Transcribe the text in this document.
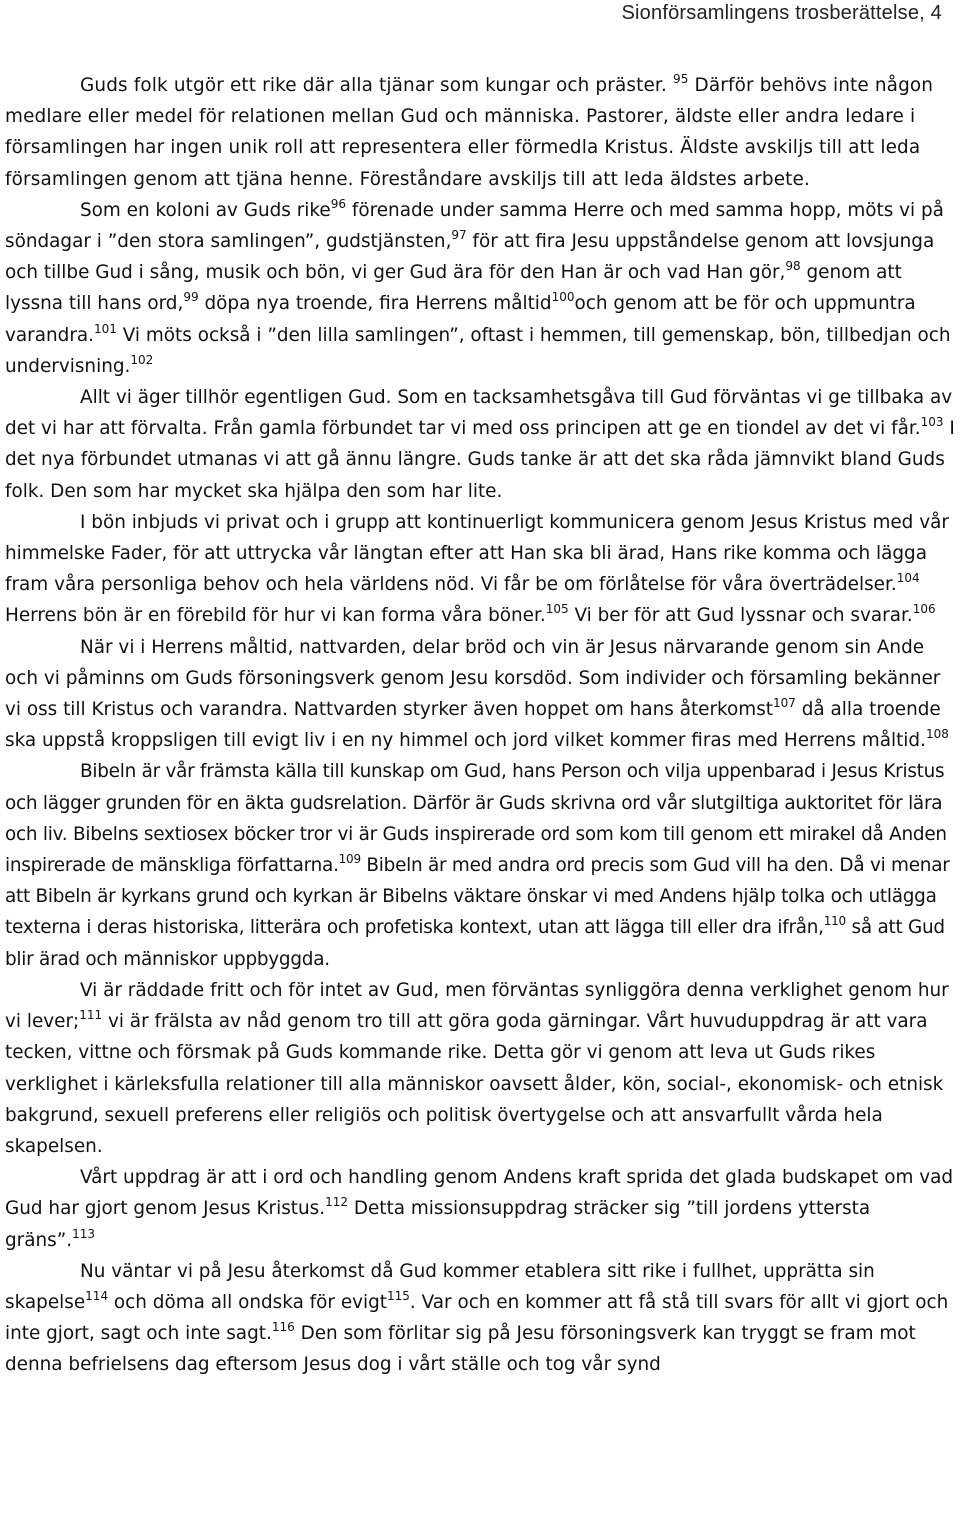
Sionförsamlingens trosberättelse, 4

Guds folk utgör ett rike där alla tjänar som kungar och präster. $^{95}$ Därför behövs inte någon medlare eller medel för relationen mellan Gud och människa. Pastorer, äldste eller andra ledare i församlingen har ingen unik roll att representera eller förmedla Kristus. Äldste avskiljs till att leda församlingen genom att tjäna henne. Föreståndare avskiljs till att leda äldstes arbete.

Som en koloni av Guds rike$^{96}$ förenade under samma Herre och med samma hopp, möts vi på söndagar i ”den stora samlingen”, gudstjänsten,$^{97}$ för att fira Jesu uppståndelse genom att lovsjunga och tillbe Gud i sång, musik och bön, vi ger Gud ära för den Han är och vad Han gör,$^{98}$ genom att lyssna till hans ord,$^{99}$ döpa nya troende, fira Herrens måltid$^{100}$och genom att be för och uppmuntra varandra.$^{101}$ Vi möts också i ”den lilla samlingen”, oftast i hemmen, till gemenskap, bön, tillbedjan och undervisning.$^{102}$

Allt vi äger tillhör egentligen Gud. Som en tacksamhetsgåva till Gud förväntas vi ge tillbaka av det vi har att förvalta. Från gamla förbundet tar vi med oss principen att ge en tiondel av det vi får.$^{103}$ I det nya förbundet utmanas vi att gå ännu längre. Guds tanke är att det ska råda jämnvikt bland Guds folk. Den som har mycket ska hjälpa den som har lite.

I bön inbjuds vi privat och i grupp att kontinuerligt kommunicera genom Jesus Kristus med vår himmelske Fader, för att uttrycka vår längtan efter att Han ska bli ärad, Hans rike komma och lägga fram våra personliga behov och hela världens nöd. Vi får be om förlåtelse för våra överträdelser.$^{104}$ Herrens bön är en förebild för hur vi kan forma våra böner.$^{105}$ Vi ber för att Gud lyssnar och svarar.$^{106}$

När vi i Herrens måltid, nattvarden, delar bröd och vin är Jesus närvarande genom sin Ande och vi påminns om Guds försoningsverk genom Jesu korsdöd. Som individer och församling bekänner vi oss till Kristus och varandra. Nattvarden styrker även hoppet om hans återkomst$^{107}$ då alla troende ska uppstå kroppsligen till evigt liv i en ny himmel och jord vilket kommer firas med Herrens måltid.$^{108}$

Bibeln är vår främsta källa till kunskap om Gud, hans Person och vilja uppenbarad i Jesus Kristus och lägger grunden för en äkta gudsrelation. Därför är Guds skrivna ord vår slutgiltiga auktoritet för lära och liv. Bibelns sextiosex böcker tror vi är Guds inspirerade ord som kom till genom ett mirakel då Anden inspirerade de mänskliga författarna.$^{109}$ Bibeln är med andra ord precis som Gud vill ha den. Då vi menar att Bibeln är kyrkans grund och kyrkan är Bibelns väktare önskar vi med Andens hjälp tolka och utlägga texterna i deras historiska, litterära och profetiska kontext, utan att lägga till eller dra ifrån,$^{110}$ så att Gud blir ärad och människor uppbyggda.

Vi är räddade fritt och för intet av Gud, men förväntas synliggöra denna verklighet genom hur vi lever;$^{111}$ vi är frälsta av nåd genom tro till att göra goda gärningar. Vårt huvuduppdrag är att vara tecken, vittne och försmak på Guds kommande rike. Detta gör vi genom att leva ut Guds rikes verklighet i kärleksfulla relationer till alla människor oavsett ålder, kön, social-, ekonomisk- och etnisk bakgrund, sexuell preferens eller religiös och politisk övertygelse och att ansvarfullt vårda hela skapelsen.

Vårt uppdrag är att i ord och handling genom Andens kraft sprida det glada budskapet om vad Gud har gjort genom Jesus Kristus.$^{112}$ Detta missionsuppdrag sträcker sig ”till jordens yttersta gräns”.$^{113}$

Nu väntar vi på Jesu återkomst då Gud kommer etablera sitt rike i fullhet, upprätta sin skapelse$^{114}$ och döma all ondska för evigt$^{115}$. Var och en kommer att få stå till svars för allt vi gjort och inte gjort, sagt och inte sagt.$^{116}$ Den som förlitar sig på Jesu försoningsverk kan tryggt se fram mot denna befrielsens dag eftersom Jesus dog i vårt ställe och tog vår synd
